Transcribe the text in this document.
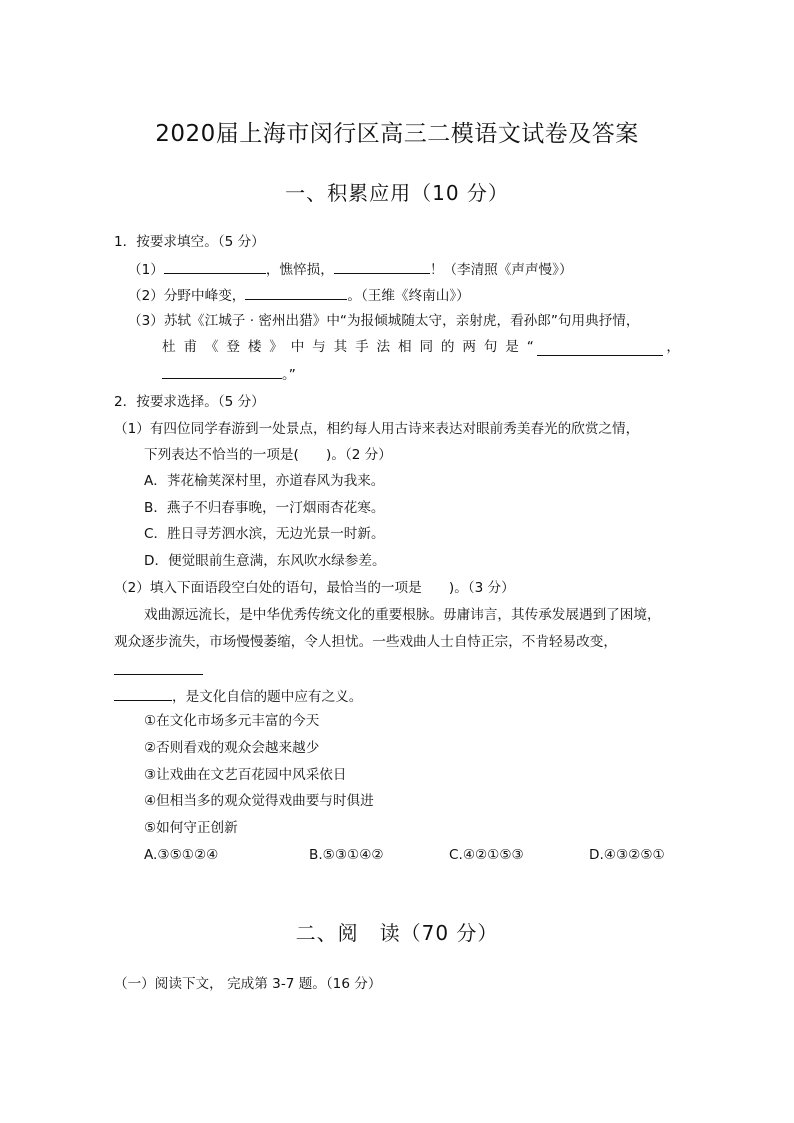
2020届上海市闵行区高三二模语文试卷及答案
一、积累应用（10 分）
1．按要求填空。（5 分）
（1）	，憔悴损，	！（李清照《声声慢》）
（2）分野中峰变，	。（王维《终南山》）
（3）苏轼《江城子 · 密州出猎》中“为报倾城随太守，亲射虎，看孙郎”句用典抒情，
杜 甫 《 登 楼 》 中 与 其 手 法 相 同 的 两 句 是 “	，
。”
2．按要求选择。（5 分）
（1）有四位同学春游到一处景点，相约每人用古诗来表达对眼前秀美春光的欣赏之情，
下列表达不恰当的一项是(　　)。（2 分）
A．荠花榆荚深村里，亦道春风为我来。
B．燕子不归春事晚，一汀烟雨杏花寒。
C．胜日寻芳泗水滨，无边光景一时新。
D．便觉眼前生意满，东风吹水绿参差。
（2）填入下面语段空白处的语句，最恰当的一项是　　)。（3 分）
戏曲源远流长，是中华优秀传统文化的重要根脉。毋庸讳言，其传承发展遇到了困境，
观众逐步流失，市场慢慢萎缩，令人担忧。一些戏曲人士自恃正宗，不肯轻易改变，
，是文化自信的题中应有之义。
①在文化市场多元丰富的今天
②否则看戏的观众会越来越少
③让戏曲在文艺百花园中风采依日
④但相当多的观众觉得戏曲要与时俱进
⑤如何守正创新
A.③⑤①②④	B.⑤③①④②	C.④②①⑤③	D.④③②⑤①
二、阅　读（70 分）
（一）阅读下文， 完成第 3-7 题。（16 分）
